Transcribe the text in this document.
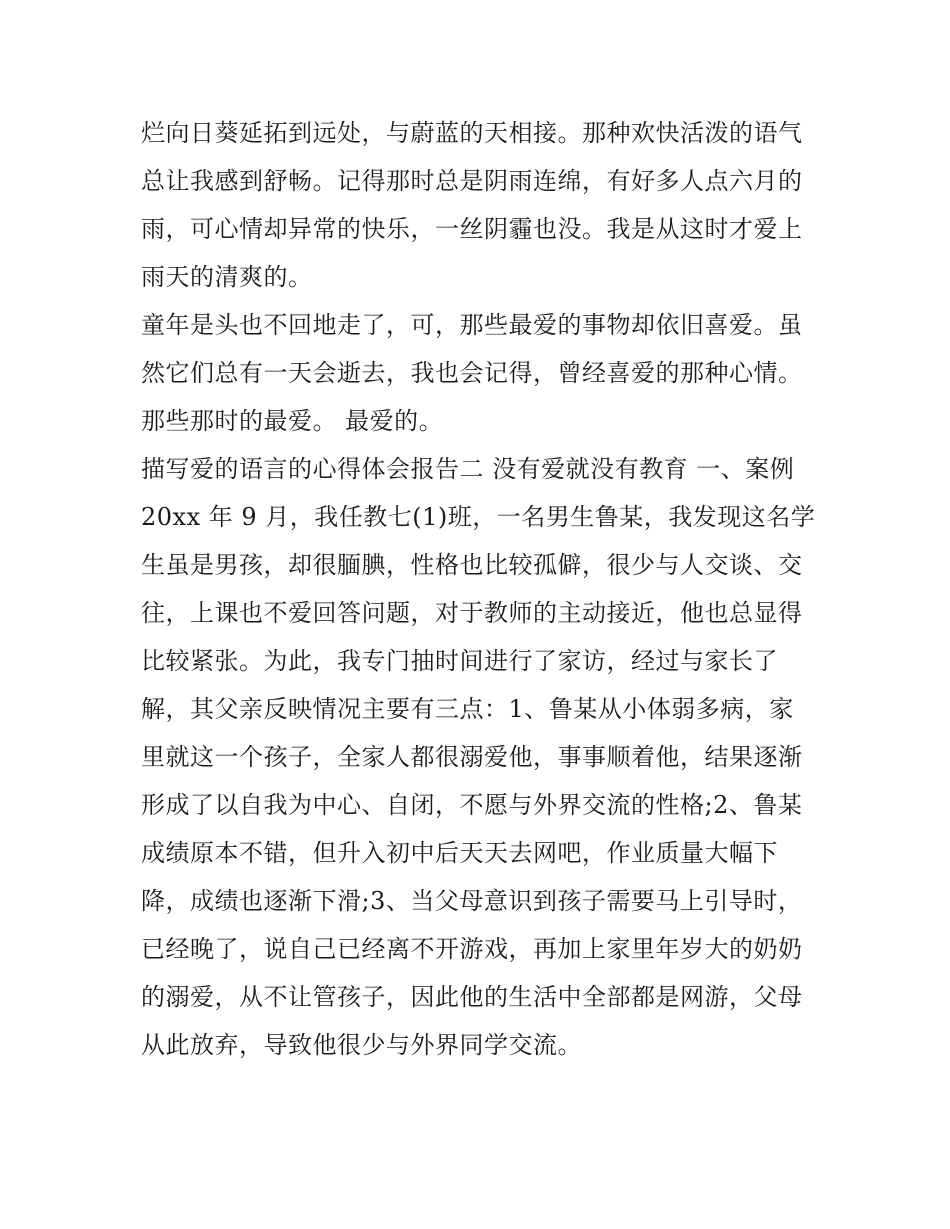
烂向日葵延拓到远处，与蔚蓝的天相接。那种欢快活泼的语气
总让我感到舒畅。记得那时总是阴雨连绵，有好多人点六月的
雨，可心情却异常的快乐，一丝阴霾也没。我是从这时才爱上
雨天的清爽的。
童年是头也不回地走了，可，那些最爱的事物却依旧喜爱。虽
然它们总有一天会逝去，我也会记得，曾经喜爱的那种心情。
那些那时的最爱。 最爱的。
描写爱的语言的心得体会报告二 没有爱就没有教育 一、案例
20xx 年 9 月，我任教七(1)班，一名男生鲁某，我发现这名学
生虽是男孩，却很腼腆，性格也比较孤僻，很少与人交谈、交
往，上课也不爱回答问题，对于教师的主动接近，他也总显得
比较紧张。为此，我专门抽时间进行了家访，经过与家长了
解，其父亲反映情况主要有三点：1、鲁某从小体弱多病，家
里就这一个孩子，全家人都很溺爱他，事事顺着他，结果逐渐
形成了以自我为中心、自闭，不愿与外界交流的性格;2、鲁某
成绩原本不错，但升入初中后天天去网吧，作业质量大幅下
降，成绩也逐渐下滑;3、当父母意识到孩子需要马上引导时，
已经晚了，说自己已经离不开游戏，再加上家里年岁大的奶奶
的溺爱，从不让管孩子，因此他的生活中全部都是网游，父母
从此放弃，导致他很少与外界同学交流。
